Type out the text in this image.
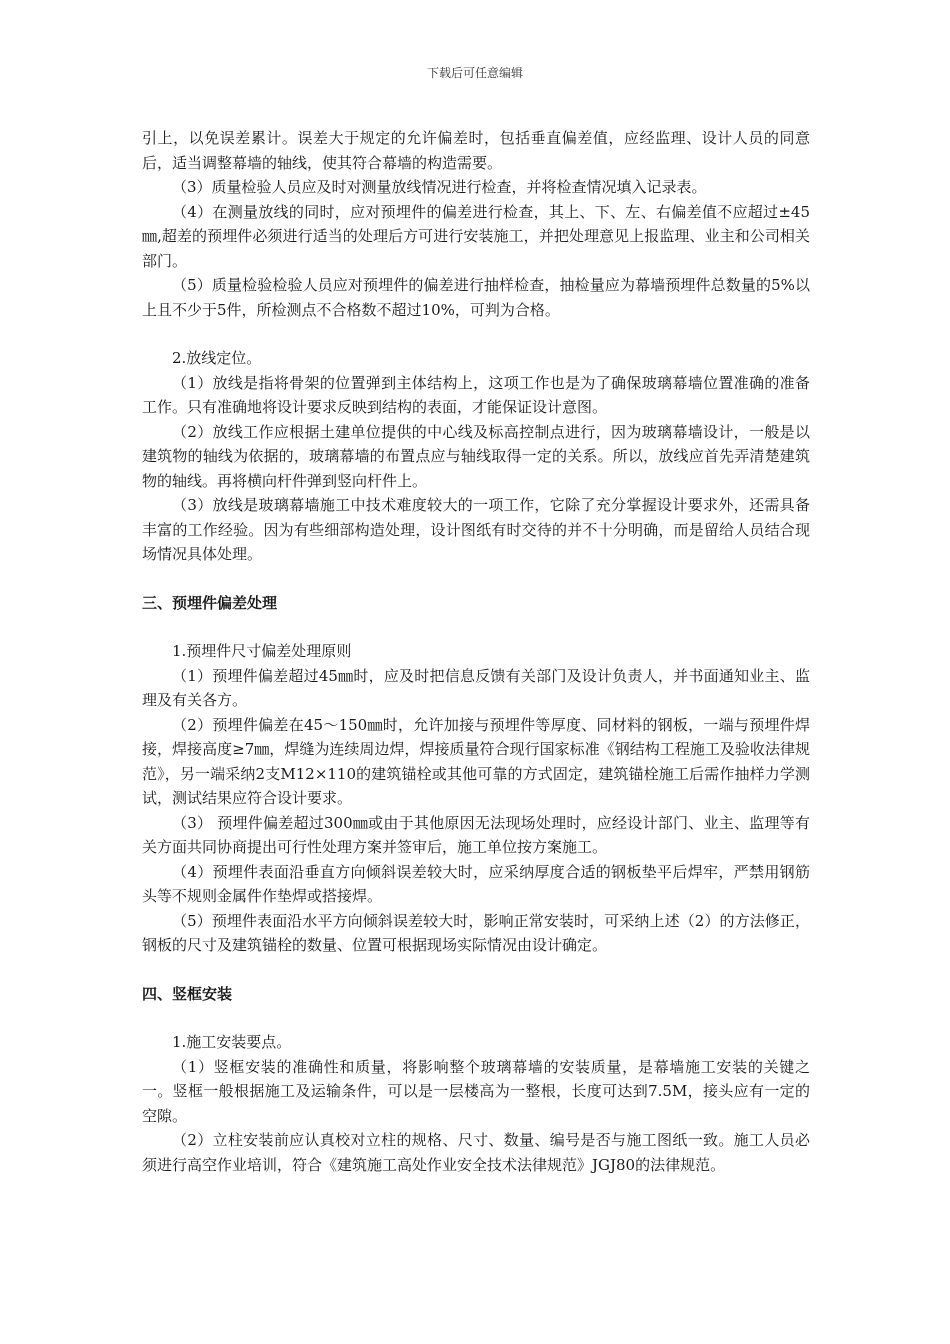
下载后可任意编辑

引上，以免误差累计。误差大于规定的允许偏差时，包括垂直偏差值，应经监理、设计人员的同意后，适当调整幕墙的轴线，使其符合幕墙的构造需要。

（3）质量检验人员应及时对测量放线情况进行检查，并将检查情况填入记录表。

（4）在测量放线的同时，应对预埋件的偏差进行检查，其上、下、左、右偏差值不应超过±45㎜,超差的预埋件必须进行适当的处理后方可进行安装施工，并把处理意见上报监理、业主和公司相关部门。

（5）质量检验检验人员应对预埋件的偏差进行抽样检查，抽检量应为幕墙预埋件总数量的5%以上且不少于5件，所检测点不合格数不超过10%，可判为合格。

2.放线定位。

（1）放线是指将骨架的位置弹到主体结构上，这项工作也是为了确保玻璃幕墙位置准确的准备工作。只有准确地将设计要求反映到结构的表面，才能保证设计意图。

（2）放线工作应根据土建单位提供的中心线及标高控制点进行，因为玻璃幕墙设计，一般是以建筑物的轴线为依据的，玻璃幕墙的布置点应与轴线取得一定的关系。所以，放线应首先弄清楚建筑物的轴线。再将横向杆件弹到竖向杆件上。

（3）放线是玻璃幕墙施工中技术难度较大的一项工作，它除了充分掌握设计要求外，还需具备丰富的工作经验。因为有些细部构造处理，设计图纸有时交待的并不十分明确，而是留给人员结合现场情况具体处理。

三、预埋件偏差处理

1.预埋件尺寸偏差处理原则

（1）预埋件偏差超过45㎜时，应及时把信息反馈有关部门及设计负责人，并书面通知业主、监理及有关各方。

（2）预埋件偏差在45～150㎜时，允许加接与预埋件等厚度、同材料的钢板，一端与预埋件焊接，焊接高度≥7㎜，焊缝为连续周边焊，焊接质量符合现行国家标准《钢结构工程施工及验收法律规范》，另一端采纳2支M12×110的建筑锚栓或其他可靠的方式固定，建筑锚栓施工后需作抽样力学测试，测试结果应符合设计要求。

（3） 预埋件偏差超过300㎜或由于其他原因无法现场处理时，应经设计部门、业主、监理等有关方面共同协商提出可行性处理方案并签审后，施工单位按方案施工。

（4）预埋件表面沿垂直方向倾斜误差较大时，应采纳厚度合适的钢板垫平后焊牢，严禁用钢筋头等不规则金属件作垫焊或搭接焊。

（5）预埋件表面沿水平方向倾斜误差较大时，影响正常安装时，可采纳上述（2）的方法修正，钢板的尺寸及建筑锚栓的数量、位置可根据现场实际情况由设计确定。

四、竖框安装

1.施工安装要点。

（1）竖框安装的准确性和质量，将影响整个玻璃幕墙的安装质量，是幕墙施工安装的关键之一。竖框一般根据施工及运输条件，可以是一层楼高为一整根，长度可达到7.5M，接头应有一定的空隙。

（2）立柱安装前应认真校对立柱的规格、尺寸、数量、编号是否与施工图纸一致。施工人员必须进行高空作业培训，符合《建筑施工高处作业安全技术法律规范》JGJ80的法律规范。
